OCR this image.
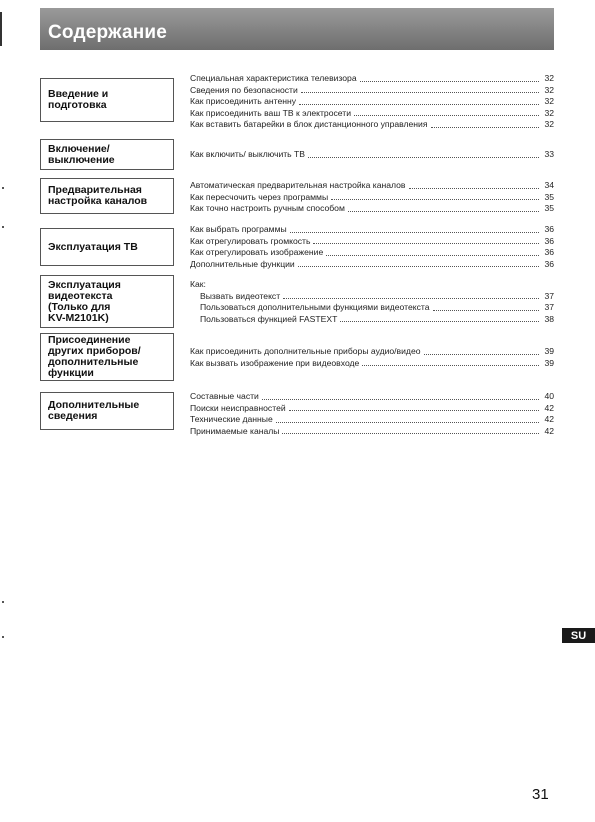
Содержание
Введение и
подготовка
Специальная характеристика телевизора	32
Сведения по безопасности	32
Как присоединить антенну	32
Как присоединить ваш ТВ к электросети	32
Как вставить батарейки в блок дистанционного управления	32
Включение/
выключение	Как включить/ выключить ТВ	33
Предварительная
настройка каналов
Автоматическая предварительная настройка каналов	34
Как пересчочить через программы	35
Как точно настроить ручным способом	35
Эксплуатация ТВ
Как выбрать программы	36
Как отрегулировать громкость	36
Как отрегулировать изображение	36
Дополнительные функции	36
Эксплуатация
видеотекста
(Только для
KV-M2101K)
Как:
Вызвать видеотекст	37
Пользоваться дополнительными функциями видеотекста	37
Пользоваться функцией FASTEXT	38
Присоединение
других приборов/
дополнительные
функции
Как присоединить дополнительные приборы аудио/видео	39
Как вызвать изображение при видеовходе	39
Дополнительные
сведения
Составные части	40
Поиски неисправностей	42
Технические данные	42
Принимаемые каналы	42
SU
31
